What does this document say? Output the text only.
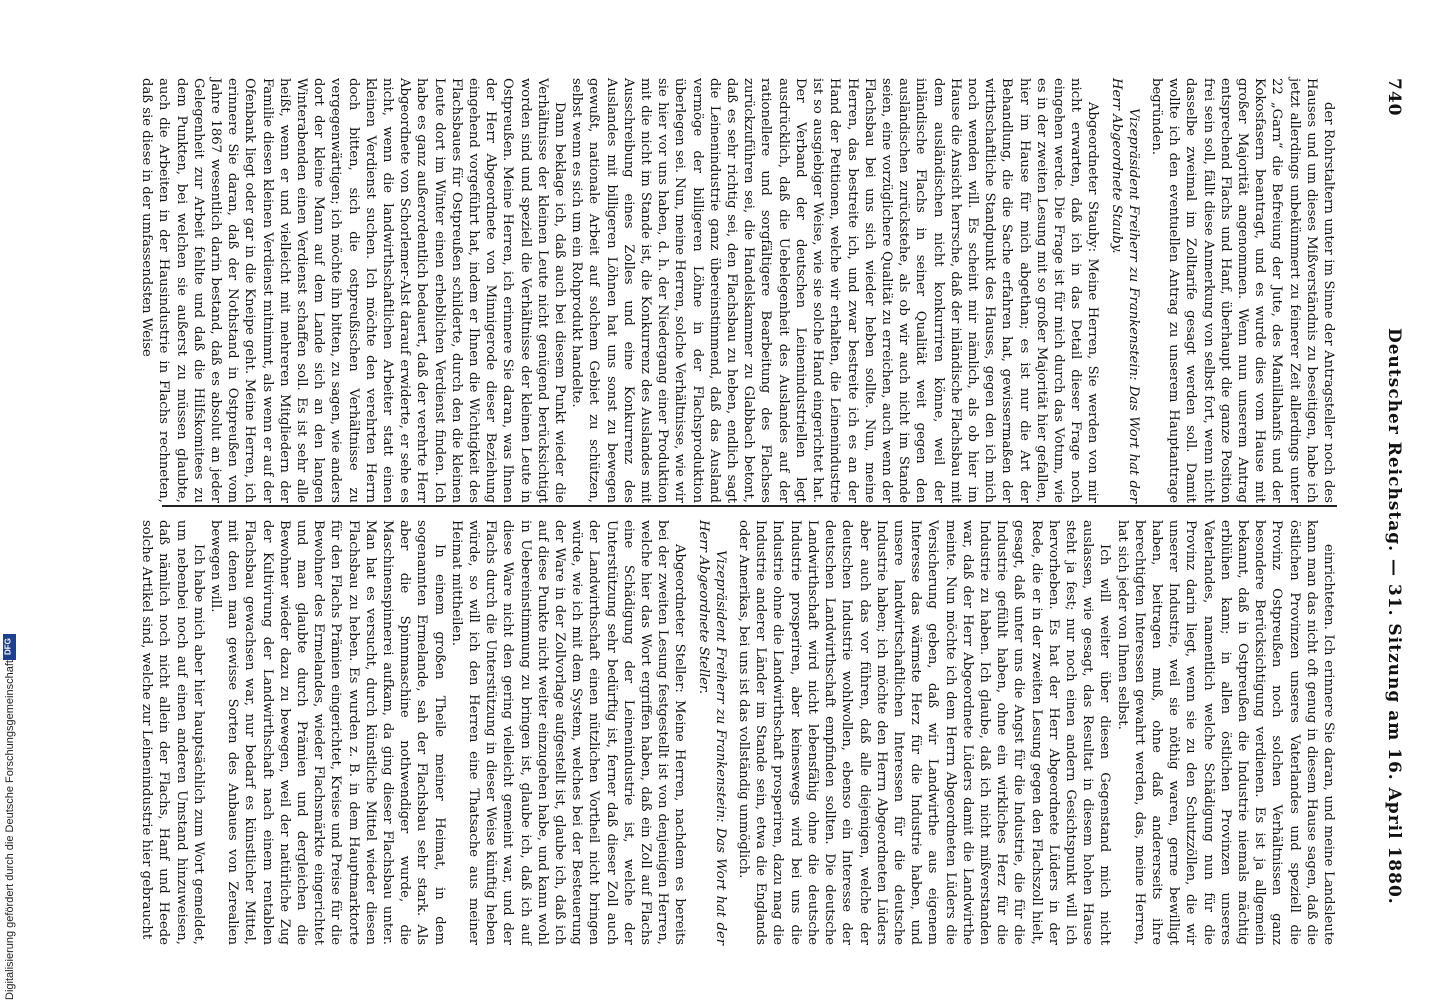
740
Deutscher Reichstag. — 31. Sitzung am 16. April 1880.

der Rohrstaltern unter im Sinne der Antragsteller noch des Hauses und um dieses Mißverständnis zu beseitigen, habe ich jetzt allerdings unbekümmert zu feinerer Zeit allerdings unter 22 „Garn“ die Befreiung der Jute, des Manillahanfs und der Kokosfasern beantragt, und es wurde dies vom Hause mit großer Majorität angenommen. Wenn nun unserem Antrag entsprechend Flachs und Hanf, überhaupt die ganze Position frei sein soll, fällt diese Anmerkung von selbst fort, wenn nicht dasselbe zweimal im Zolltarife gesagt werden soll. Damit wollte ich den eventuellen Antrag zu unserem Hauptantrage begründen.

Vizepräsident Freiherr zu Frankenstein: Das Wort hat der Herr Abgeordnete Stauby.

Abgeordneter Stauby: Meine Herren, Sie werden von mir nicht erwarten, daß ich in das Detail dieser Frage noch eingehen werde. Die Frage ist für mich durch das Votum, wie es in der zweiten Lesung mit so großer Majorität hier gefallen, hier im Hause für mich abgethan; es ist nur die Art der Behandlung, die die Sache erfahren hat, gewissermaßen der wirthschaftliche Standpunkt des Hauses, gegen den ich mich noch wenden will. Es scheint mir nämlich, als ob hier im Hause die Ansicht herrsche, daß der inländische Flachsbau mit dem ausländischen nicht konkurriren könne, weil der inländische Flachs in seiner Qualität weit gegen den ausländischen zurückstehe, als ob wir auch nicht im Stande seien, eine vorzüglichere Qualität zu erreichen, auch wenn der Flachsbau bei uns sich wieder heben sollte. Nun, meine Herren, das bestreite ich, und zwar bestreite ich es an der Hand der Petitionen, welche wir erhalten, die Leinenindustrie ist so ausgiebiger Weise, wie sie solche Hand eingerichtet hat. Der Verband der deutschen Leinenindustriellen legt ausdrücklich, daß die Uebelegenheit des Auslandes auf der rationellere und sorgfältigere Bearbeitung des Flachses zurückzuführen sei, die Handelskammer zu Glabbach betont, daß es sehr richtig sei, den Flachsbau zu heben, endlich sagt die Leinenindustrie ganz übereinstimmend, daß das Ausland vermöge der billigeren Löhne in der Flachsproduktion überlegen sei. Nun, meine Herren, solche Verhältnisse, wie wir sie hier vor uns haben, d. h. der Niedergang einer Produktion mit die nicht im Stande ist, die Konkurrenz des Auslandes mit Ausschreibung eines Zolles und eine Konkurrenz des Auslandes mit billigeren Löhnen hat uns sonst zu bewegen gewußt, nationale Arbeit auf solchem Gebiet zu schützen, selbst wenn es sich um ein Rohprodukt handelte.

Dann beklage ich, daß auch bei diesem Punkt wieder die Verhältnisse der kleinen Leute nicht genügend berücksichtigt worden sind und speziell die Verhältnisse der kleinen Leute in Ostpreußen. Meine Herren, ich erinnere Sie daran, was Ihnen der Herr Abgeordnete von Minnigerode dieser Beziehung eingehend vorgeführt hat, indem er Ihnen die Wichtigkeit des Flachsbaues für Ostpreußen schilderte, durch den die kleinen Leute dort im Winter einen erheblichen Verdienst finden. Ich habe es ganz außerordentlich bedauert, daß der verehrte Herr Abgeordnete von Schorlemer-Alst darauf erwiderte, er sehe es nicht, wenn die landwirthschaftlichen Arbeiter statt einen kleinen Verdienst suchen. Ich möchte den verehrten Herrn doch bitten, sich die ostpreußischen Verhältnisse zu vergegenwärtigen; ich möchte ihn bitten, zu sagen, wie anders dort der kleine Mann auf dem Lande sich an den langen Winterabenden einen Verdienst schaffen soll. Es ist sehr alle heißt, wenn er und vielleicht mit mehreren Mitgliedern der Familie diesen kleinen Verdienst mitnimmt, als wenn er auf der Ofenbank liegt oder gar in die Kneipe geht. Meine Herren, ich erinnere Sie daran, daß der Nothstand in Ostpreußen vom Jahre 1867 wesentlich darin bestand, daß es absolut an jeder Gelegenheit zur Arbeit fehlte und daß die Hilfskomitees zu dem Punkten, bei welchen sie außerst zu müssen glaubte, auch die Arbeiten in der Hausindustrie in Flachs rechneten, daß sie diese in der umfassendsten Weise

einrichteten. Ich erinnere Sie daran, und meine Landsleute kann man das nicht oft genug in diesem Hause sagen, daß die östlichen Provinzen unseres Vaterlandes und speziell die Provinz Ostpreußen noch solchen Verhältnissen ganz besondere Berücksichtigung verdienen. Es ist ja allgemein bekannt, daß in Ostpreußen die Industrie niemals mächtig erblühen kann; in allen östlichen Provinzen unseres Vaterlandes, namentlich welche Schädigung nun für die Provinz darin liegt, wenn sie zu den Schutzzöllen, die wir unserer Industrie, weil sie nöthig waren, gerne bewilligt haben, beitragen muß, ohne daß andererseits ihre berechtigten Interessen gewahrt werden, das, meine Herren, hat sich jeder von Ihnen selbst.

Ich will weiter über diesen Gegenstand mich nicht auslassen, wie gesagt, das Resultat in diesem hohen Hause steht ja fest; nur noch einen andern Gesichtspunkt will ich hervorheben. Es hat der Herr Abgeordnete Lüders in der Rede, die er in der zweiten Lesung gegen den Flachszoll hielt, gesagt, daß unter uns die Angst für die Industrie, die für die Industrie gefühlt haben, ohne ein wirkliches Herz für die Industrie zu haben. Ich glaube, daß ich nicht mißverstanden war, daß der Herr Abgeordnete Lüders damit die Landwirthe meinte. Nun möchte ich dem Herrn Abgeordneten Lüders die Versicherung geben, daß wir Landwirthe aus eigenem Interesse das wärmste Herz für die Industrie haben, und unsere landwirtschaftlichen Interessen für die deutsche Industrie haben; ich möchte den Herrn Abgeordneten Lüders aber auch das vor führen, daß alle diejenigen, welche der deutschen Industrie wohlwollen, ebenso ein Interesse der deutschen Landwirthschaft empfinden sollten. Die deutsche Landwirthschaft wird nicht lebensfähig ohne die deutsche Industrie prosperiren, aber keineswegs wird bei uns die Industrie ohne die Landwirthschaft prosperiren, dazu mag die Industrie anderer Länder im Stande sein, etwa die Englands oder Amerikas, bei uns ist das vollständig unmöglich.

Vizepräsident Freiherr zu Frankenstein: Das Wort hat der Herr Abgeordnete Steller.

Abgeordneter Steller: Meine Herren, nachdem es bereits bei der zweiten Lesung festgestellt ist von denjenigen Herren, welche hier das Wort ergriffen haben, daß ein Zoll auf Flachs eine Schädigung der Leinenindustrie ist, welche der Unterstützung sehr bedürftig ist, ferner daß dieser Zoll auch der Landwirthschaft einen nützlichen Vortheil nicht bringen würde, wie ich mit dem System, welches bei der Besteuerung der Ware in der Zollvorlage aufgestellt ist, glaube ich, daß ich auf diese Punkte nicht weiter einzugehen habe, und kann wohl in Uebereinstimmung zu bringen ist, glaube ich, daß ich auf diese Ware nicht den gering vielleicht gemeint war, und der Flachs durch die Unterstützung in dieser Weise künftig heben würde, so will ich den Herren eine Thatsache aus meiner Heimat mittheilen.

In einem großen Theile meiner Heimat, in dem sogenannten Ermelande, sah der Flachsbau sehr stark. Als aber die Spinnmaschine nothwendiger wurde, die Maschinenspinnerei aufkam, da ging dieser Flachsbau unter. Man hat es versucht, durch künstliche Mittel wieder diesen Flachsbau zu heben. Es wurden z. B. in dem Hauptmarktorte für den Flachs Prämien eingerichtet, Kreise und Preise für die Bewohner des Ermelandes, wieder Flachsmärkte eingerichtet und man glaubte durch Prämien und dergleichen die Bewohner wieder dazu zu bewegen, weil der natürliche Zug der Kultivirung der Landwirthschaft nach einem rentablen Flachsbau gewachsen war, nur bedarf es künstlicher Mittel, mit denen man gewisse Sorten des Anbaues von Zerealien bewegen will.

Ich habe mich aber hier hauptsächlich zum Wort gemeldet, um nebenbei noch auf einen anderen Umstand hinzuweisen, daß nämlich noch nicht allein der Flachs, Hanf und Heede solche Artikel sind, welche zur Leinenindustrie hier gebraucht

Digitalisierung gefördert durch die Deutsche Forschungsgemeinschaft
DFG
